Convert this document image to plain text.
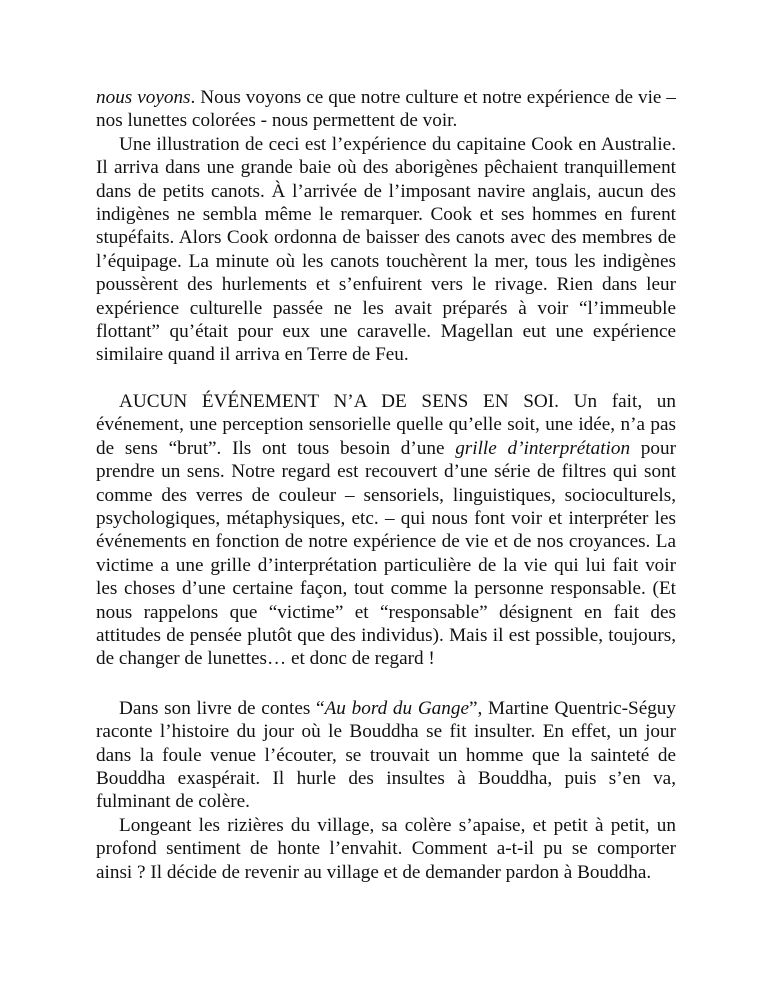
nous voyons. Nous voyons ce que notre culture et notre expérience de vie – nos lunettes colorées - nous permettent de voir.

Une illustration de ceci est l’expérience du capitaine Cook en Australie. Il arriva dans une grande baie où des aborigènes pêchaient tranquillement dans de petits canots. À l’arrivée de l’imposant navire anglais, aucun des indigènes ne sembla même le remarquer. Cook et ses hommes en furent stupéfaits. Alors Cook ordonna de baisser des canots avec des membres de l’équipage. La minute où les canots touchèrent la mer, tous les indigènes poussèrent des hurlements et s’enfuirent vers le rivage. Rien dans leur expérience culturelle passée ne les avait préparés à voir “l’immeuble flottant” qu’était pour eux une caravelle. Magellan eut une expérience similaire quand il arriva en Terre de Feu.

AUCUN ÉVÉNEMENT N’A DE SENS EN SOI. Un fait, un événement, une perception sensorielle quelle qu’elle soit, une idée, n’a pas de sens “brut”. Ils ont tous besoin d’une grille d’interprétation pour prendre un sens. Notre regard est recouvert d’une série de filtres qui sont comme des verres de couleur – sensoriels, linguistiques, socioculturels, psychologiques, métaphysiques, etc. – qui nous font voir et interpréter les événements en fonction de notre expérience de vie et de nos croyances. La victime a une grille d’interprétation particulière de la vie qui lui fait voir les choses d’une certaine façon, tout comme la personne responsable. (Et nous rappelons que “victime” et “responsable” désignent en fait des attitudes de pensée plutôt que des individus). Mais il est possible, toujours, de changer de lunettes… et donc de regard !

Dans son livre de contes “Au bord du Gange”, Martine Quentric-Séguy raconte l’histoire du jour où le Bouddha se fit insulter. En effet, un jour dans la foule venue l’écouter, se trouvait un homme que la sainteté de Bouddha exaspérait. Il hurle des insultes à Bouddha, puis s’en va, fulminant de colère.

Longeant les rizières du village, sa colère s’apaise, et petit à petit, un profond sentiment de honte l’envahit. Comment a-t-il pu se comporter ainsi ? Il décide de revenir au village et de demander pardon à Bouddha.
